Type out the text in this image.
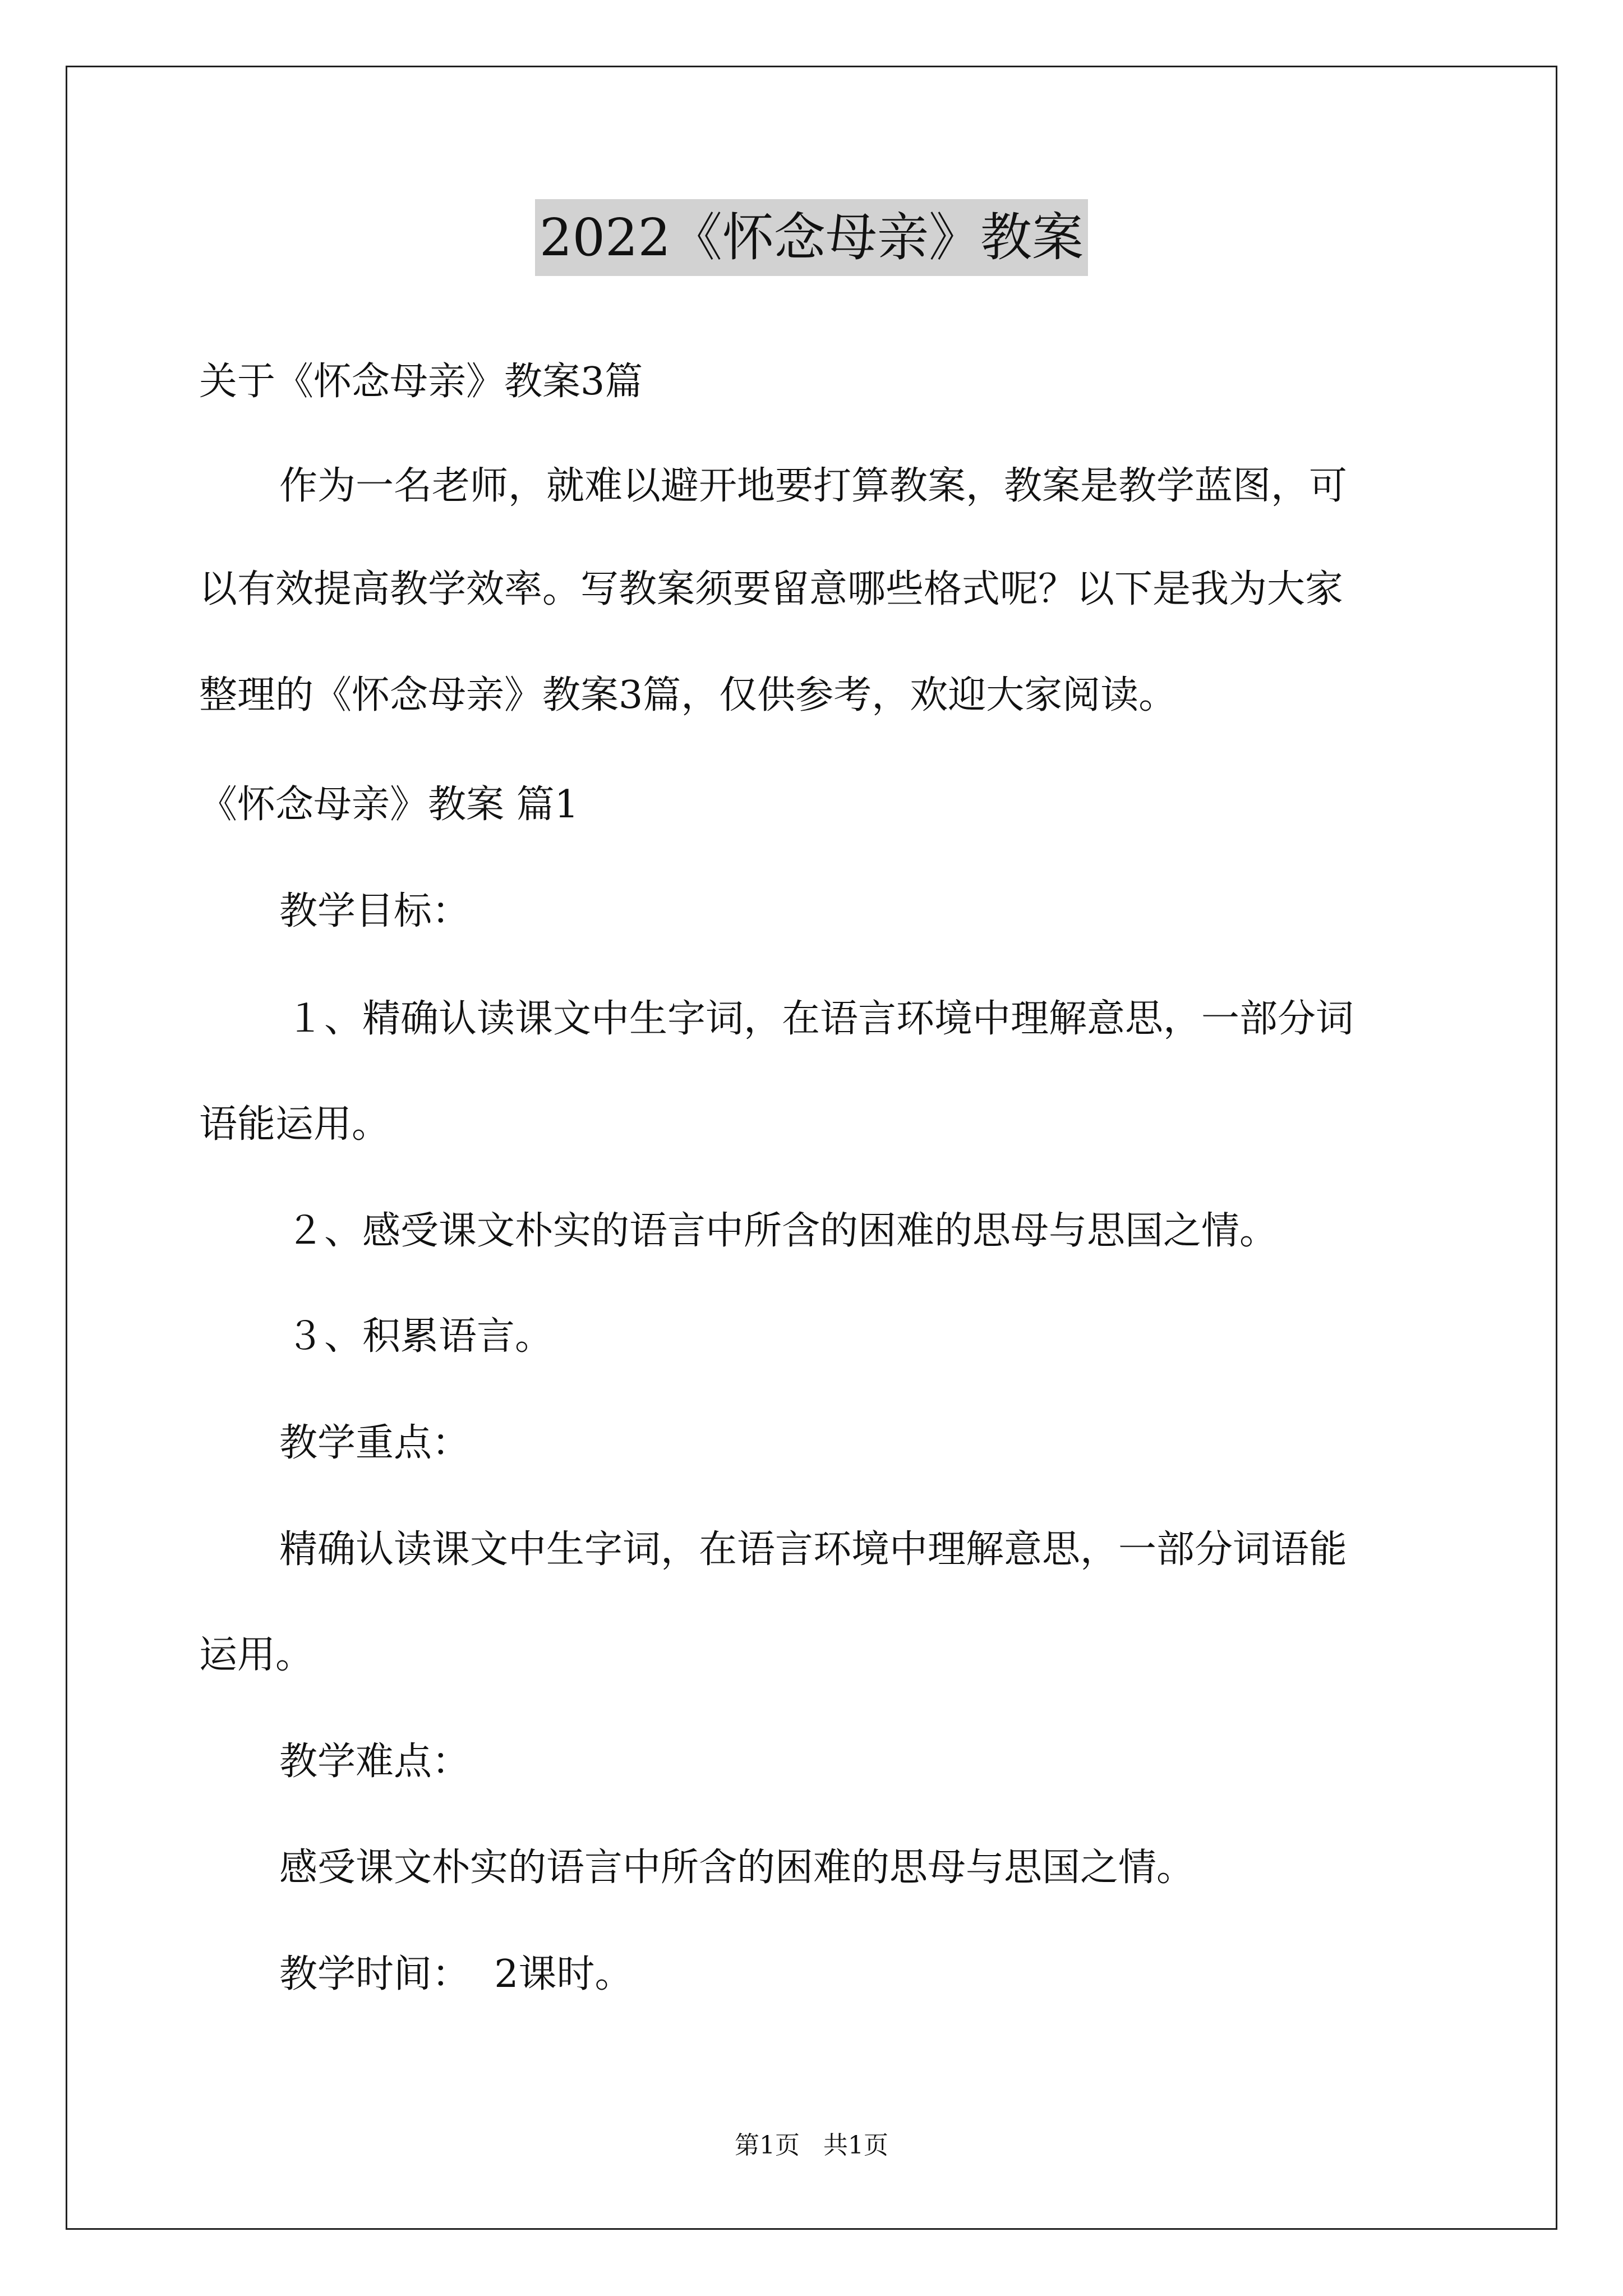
2022《怀念母亲》教案
关于《怀念母亲》教案3篇
作为一名老师，就难以避开地要打算教案，教案是教学蓝图，可
以有效提高教学效率。写教案须要留意哪些格式呢？以下是我为大家
整理的《怀念母亲》教案3篇，仅供参考，欢迎大家阅读。
《怀念母亲》教案 篇1
教学目标：
１、精确认读课文中生字词，在语言环境中理解意思，一部分词
语能运用。
２、感受课文朴实的语言中所含的困难的思母与思国之情。
３、积累语言。
教学重点：
精确认读课文中生字词，在语言环境中理解意思，一部分词语能
运用。
教学难点：
感受课文朴实的语言中所含的困难的思母与思国之情。
教学时间：  2课时。
第1页   共1页
